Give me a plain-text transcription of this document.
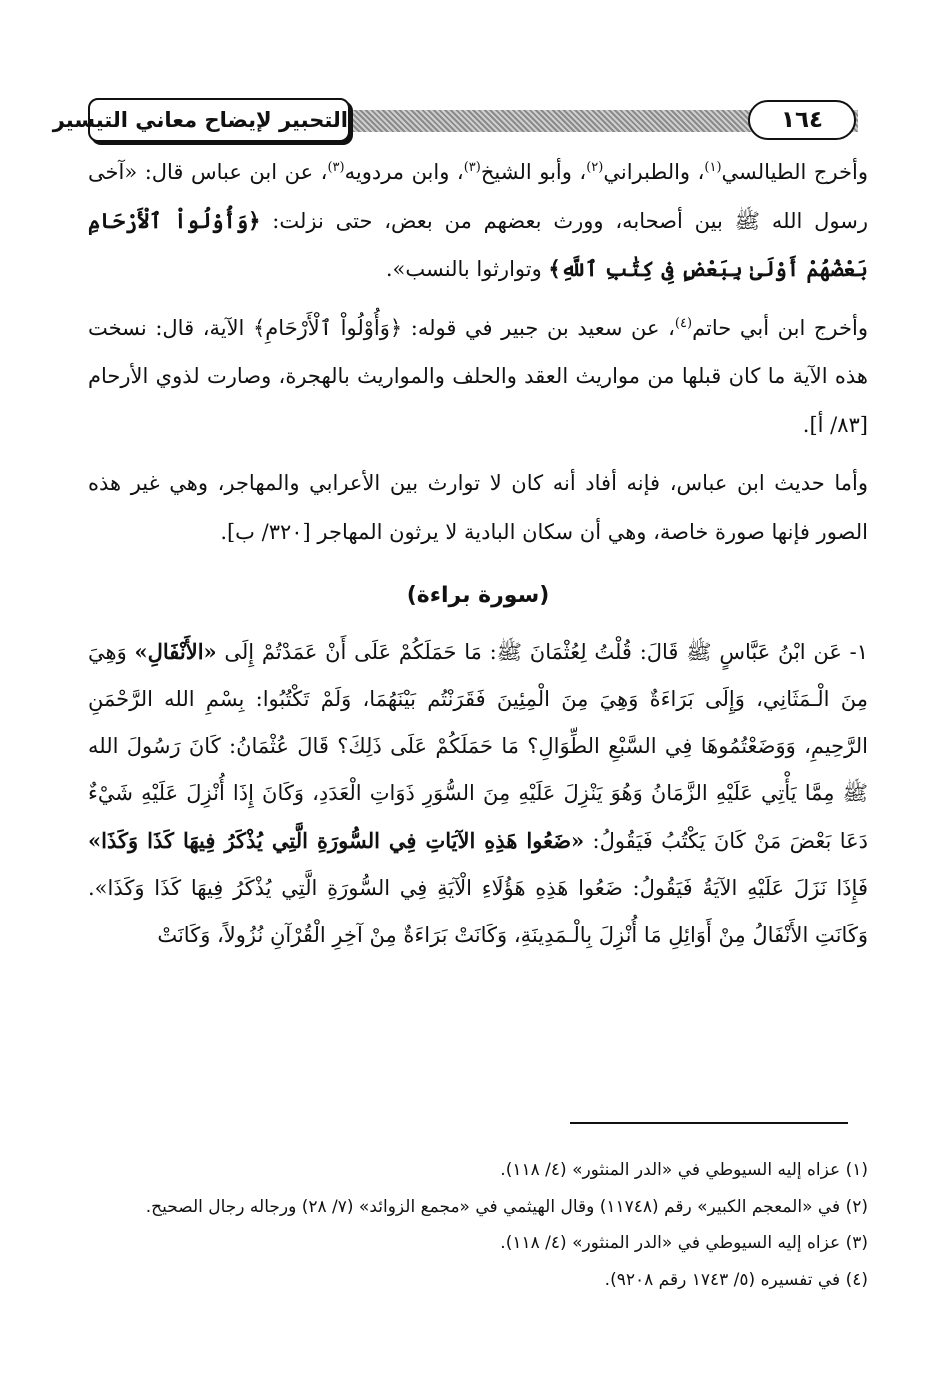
التحبير لإيضاح معاني التيسير	١٦٤

وأخرج الطيالسي$^{(١)}$، والطبراني$^{(٢)}$، وأبو الشيخ$^{(٣)}$، وابن مردويه$^{(٣)}$، عن ابن عباس قال: «آخى رسول الله ﷺ بين أصحابه، وورث بعضهم من بعض، حتى نزلت: ﴿وَأُوْلُواْ ٱلْأَرْحَامِ بَعْضُهُمْ أَوْلَىٰ بِبَعْضٍ فِى كِتَٰبِ ٱللَّهِ﴾ وتوارثوا بالنسب».

وأخرج ابن أبي حاتم$^{(٤)}$، عن سعيد بن جبير في قوله: ﴿وَأُوْلُواْ ٱلْأَرْحَامِ﴾ الآية، قال: نسخت هذه الآية ما كان قبلها من مواريث العقد والحلف والمواريث بالهجرة، وصارت لذوي الأرحام [٨٣/ أ].

وأما حديث ابن عباس، فإنه أفاد أنه كان لا توارث بين الأعرابي والمهاجر، وهي غير هذه الصور فإنها صورة خاصة، وهي أن سكان البادية لا يرثون المهاجر [٣٢٠/ ب].

(سورة براءة)

١- عَن ابْنُ عَبَّاسٍ ﷺ قَالَ: قُلْتُ لِعُثْمَانَ ﷺ: مَا حَمَلَكُمْ عَلَى أَنْ عَمَدْتُمْ إِلَى «الأَنْفَالِ» وَهِيَ مِنَ الْـمَثَانِي، وَإِلَى بَرَاءَةٌ وَهِيَ مِنَ الْمِئِينَ فَقَرَنْتُم بَيْنَهُمَا، وَلَمْ تَكْتُبُوا: بِسْمِ الله الرَّحْمَنِ الرَّحِيمِ، وَوَضَعْتُمُوهَا فِي السَّبْعِ الطِّوَالِ؟ مَا حَمَلَكُمْ عَلَى ذَلِكَ؟ قَالَ عُثْمَانُ: كَانَ رَسُولَ الله ﷺ مِمَّا يَأْتِي عَلَيْهِ الزَّمَانُ وَهُوَ يَنْزِلَ عَلَيْهِ مِنَ السُّوَرِ ذَوَاتِ الْعَدَدِ، وَكَانَ إِذَا أُنْزِلَ عَلَيْهِ شَيْءٌ دَعَا بَعْضَ مَنْ كَانَ يَكْتُبُ فَيَقُولُ: «ضَعُوا هَذِهِ الآيَاتِ فِي السُّورَةِ الَّتِي يُذْكَرُ فِيهَا كَذَا وَكَذَا» فَإِذَا نَزَلَ عَلَيْهِ الآيَةُ فَيَقُولُ: ضَعُوا هَذِهِ هَؤُلَاءِ الْآيَةِ فِي السُّورَةِ الَّتِي يُذْكَرُ فِيهَا كَذَا وَكَذَا». وَكَانَتِ الأَنْفَالُ مِنْ أَوَائِلِ مَا أُنْزِلَ بِالْـمَدِينَةِ، وَكَانَتْ بَرَاءَةٌ مِنْ آخِرِ الْقُرْآنِ نُزُولاً، وَكَانَتْ

(١) عزاه إليه السيوطي في «الدر المنثور» (٤/ ١١٨).

(٢) في «المعجم الكبير» رقم (١١٧٤٨) وقال الهيثمي في «مجمع الزوائد» (٧/ ٢٨) ورجاله رجال الصحيح.

(٣) عزاه إليه السيوطي في «الدر المنثور» (٤/ ١١٨).

(٤) في تفسيره (٥/ ١٧٤٣ رقم ٩٢٠٨).
